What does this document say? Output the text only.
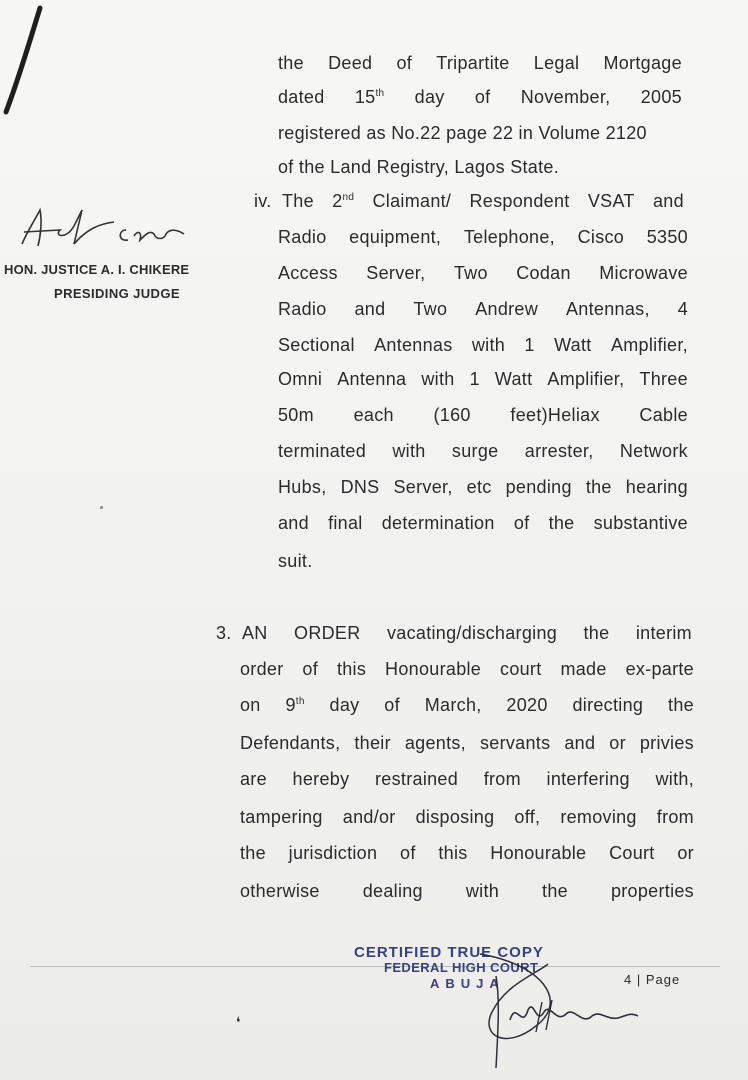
HON. JUSTICE A. I. CHIKERE
PRESIDING JUDGE
the Deed of Tripartite Legal Mortgage
dated 15th day of November, 2005
registered as No.22 page 22 in Volume 2120
of the Land Registry, Lagos State.
iv. The 2nd Claimant/ Respondent VSAT and
Radio equipment, Telephone, Cisco 5350
Access Server, Two Codan Microwave
Radio and Two Andrew Antennas, 4
Sectional Antennas with 1 Watt Amplifier,
Omni Antenna with 1 Watt Amplifier, Three
50m each (160 feet)Heliax Cable
terminated with surge arrester, Network
Hubs, DNS Server, etc pending the hearing
and final determination of the substantive
suit.
3. AN ORDER vacating/discharging the interim
order of this Honourable court made ex-parte
on 9th day of March, 2020 directing the
Defendants, their agents, servants and or privies
are hereby restrained from interfering with,
tampering and/or disposing off, removing from
the jurisdiction of this Honourable Court or
otherwise dealing with the properties
CERTIFIED TRUE COPY
FEDERAL HIGH COURT
ABUJA	4 | Page
❛
